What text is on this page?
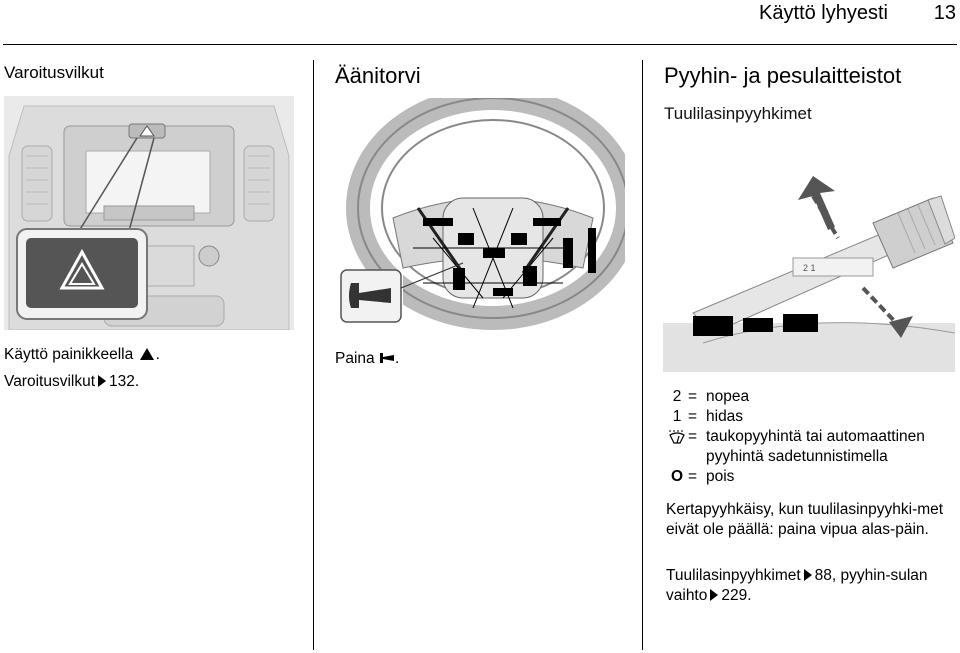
Käyttö lyhyesti 13
Varoitusvilkut
Käyttö painikkeella .
Varoitusvilkut 132.
Äänitorvi
Paina .
Pyyhin- ja pesulaitteistot
Tuulilasinpyyhkimet
2 1
2 = nopea
1 = hidas
= taukopyyhintä tai automaattinen pyyhintä sadetunnistimella
O = pois
Kertapyyhkäisy, kun tuulilasinpyyhki-met eivät ole päällä: paina vipua alas-päin.
Tuulilasinpyyhkimet 88, pyyhin-sulan vaihto 229.
